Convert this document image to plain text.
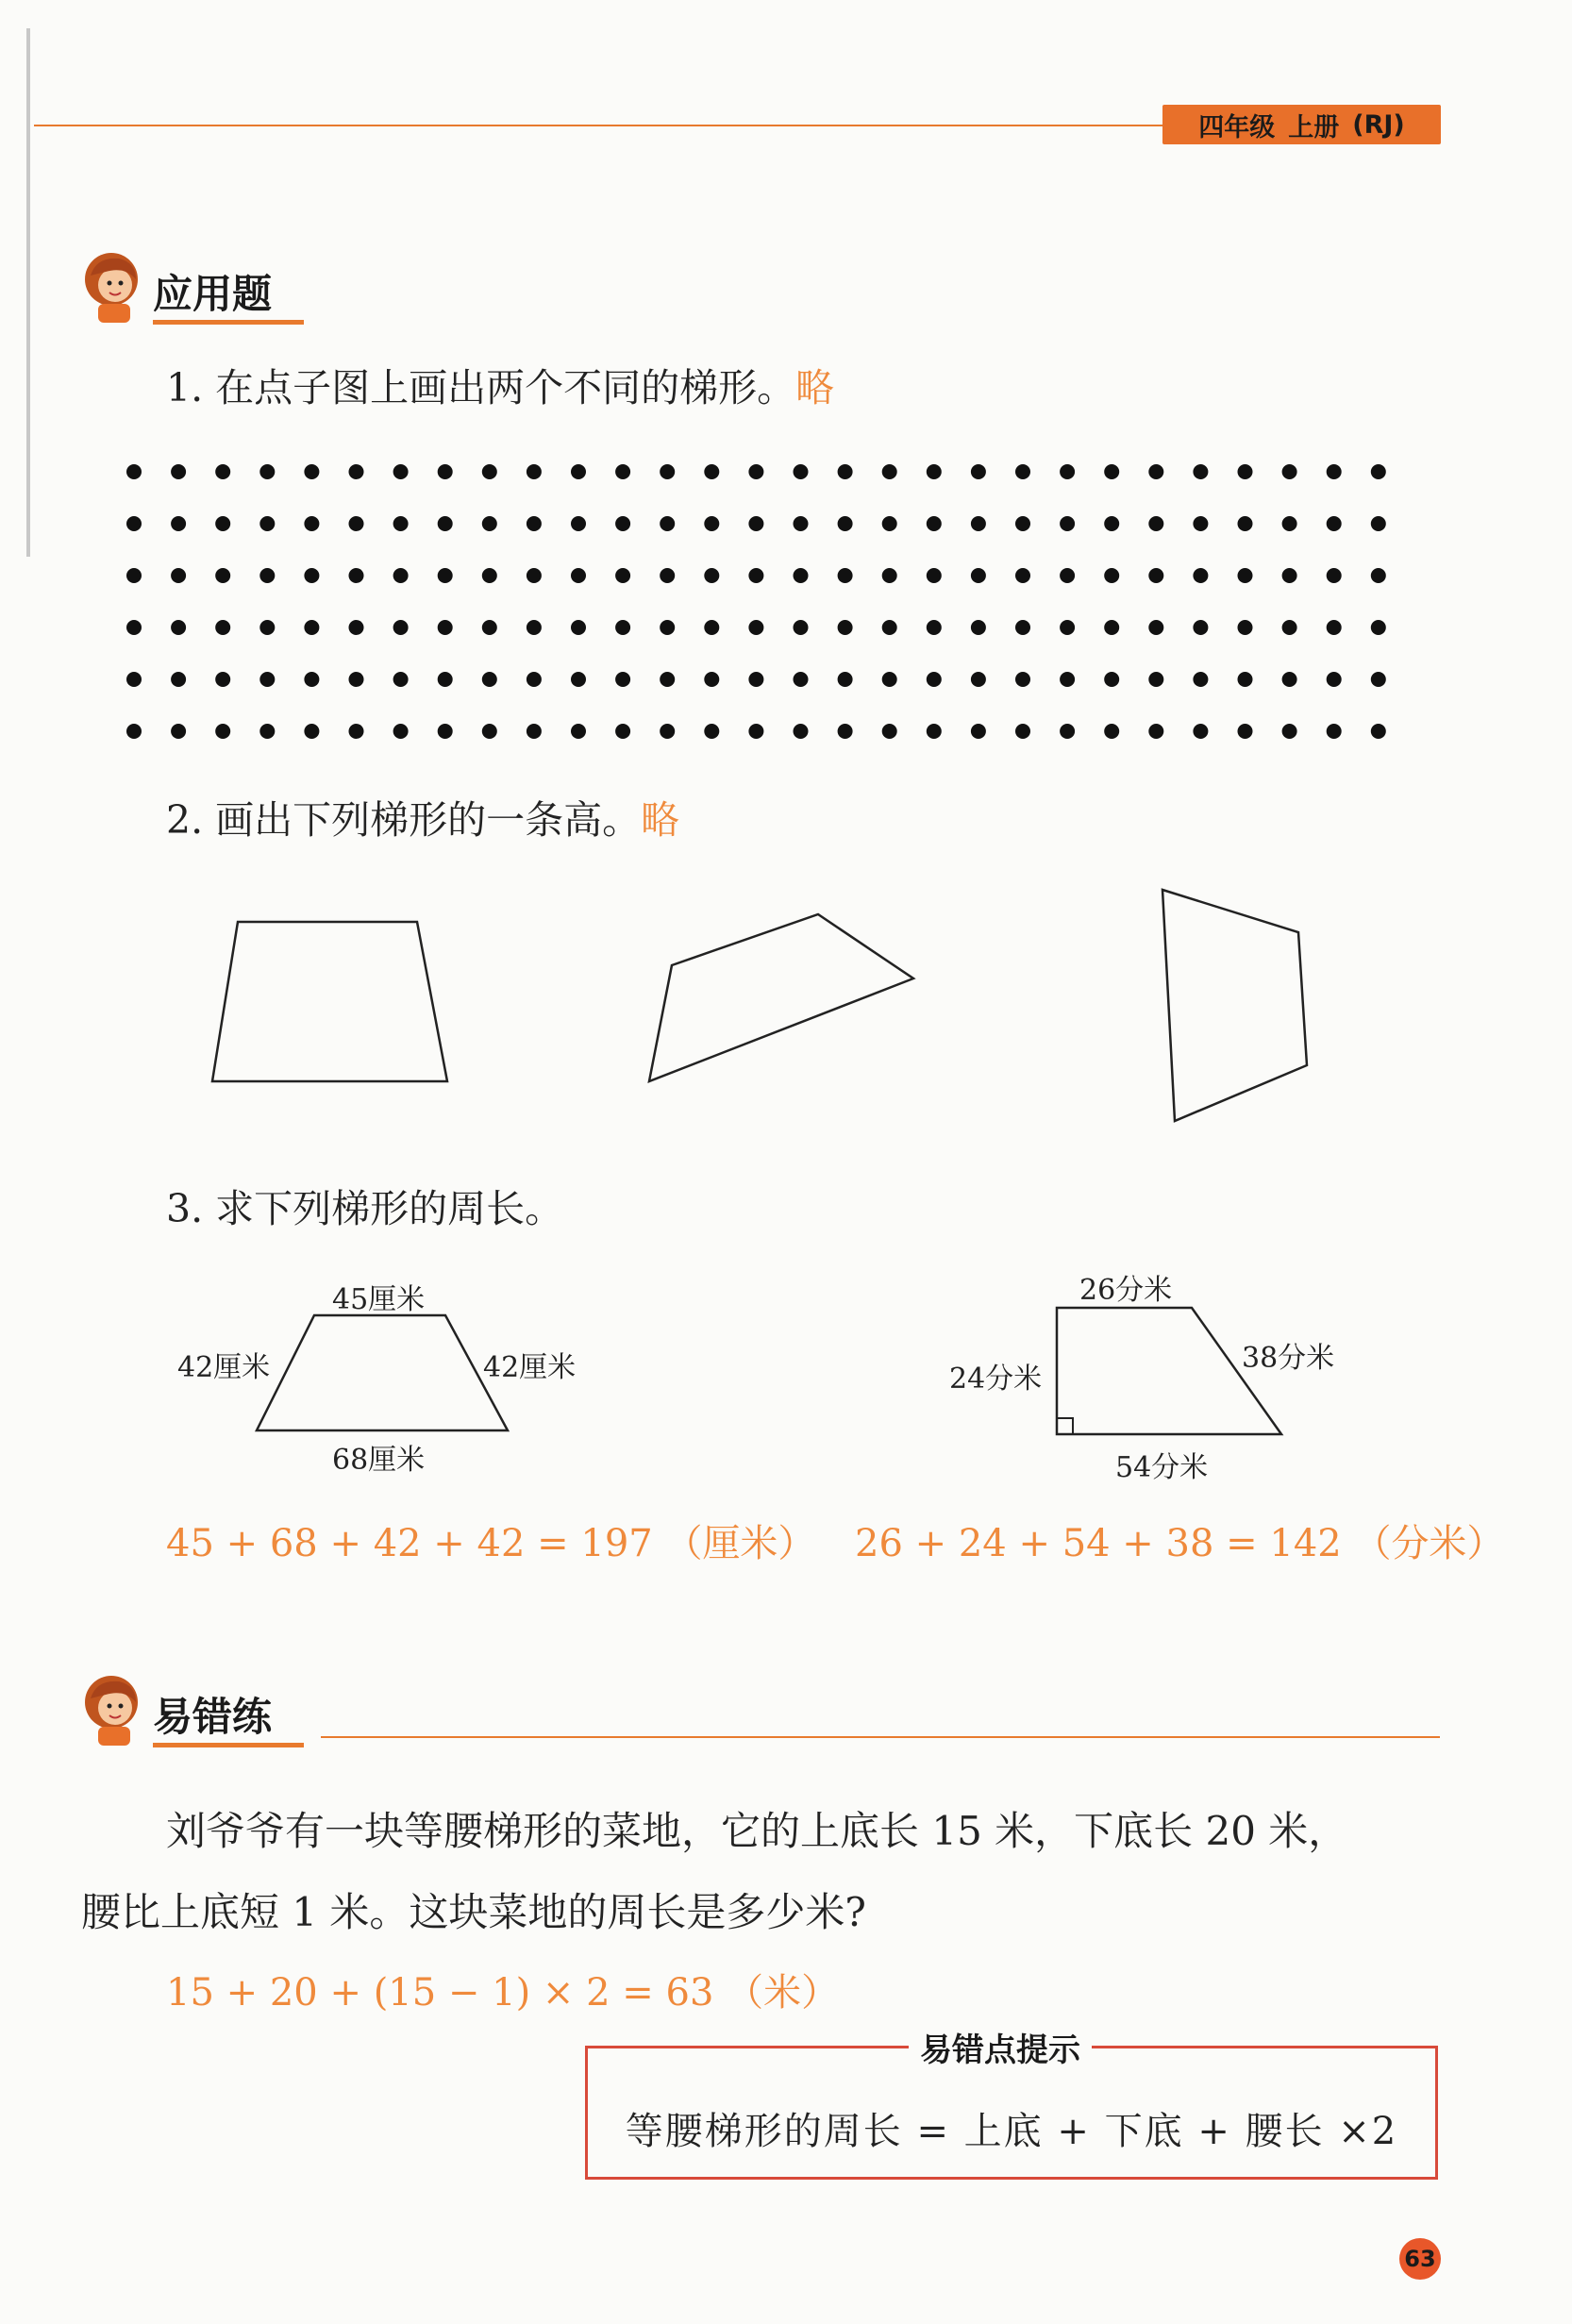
四年级 上册 (RJ)
应用题
1. 在点子图上画出两个不同的梯形。略
2. 画出下列梯形的一条高。略
3. 求下列梯形的周长。
45厘米
42厘米	42厘米
68厘米
26分米
24分米
38分米
54分米
45 + 68 + 42 + 42 = 197 （厘米） 26 + 24 + 54 + 38 = 142 （分米）
易错练
刘爷爷有一块等腰梯形的菜地，它的上底长 15 米，下底长 20 米，
腰比上底短 1 米。这块菜地的周长是多少米?
15 + 20 + (15 − 1) × 2 = 63 （米）
易错点提示
等腰梯形的周长 = 上底 + 下底 + 腰长 ×2
63
